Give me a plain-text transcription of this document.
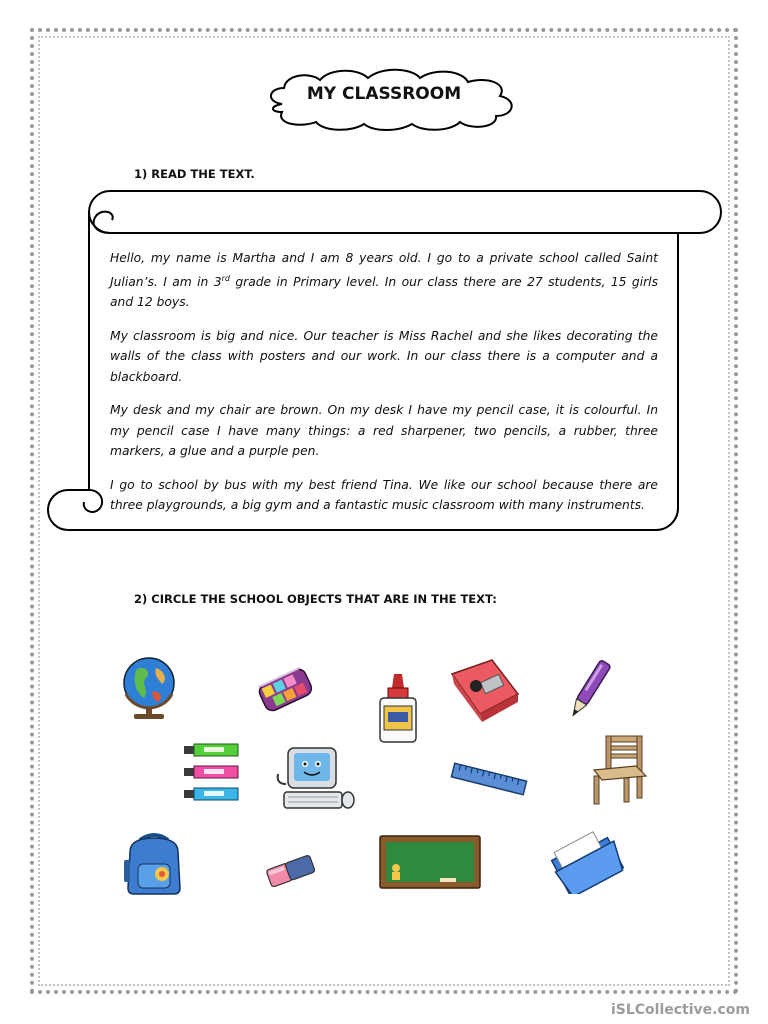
MY CLASSROOM
1) READ THE TEXT.

Hello, my name is Martha and I am 8 years old. I go to a private school called Saint Julian’s. I am in 3rd grade in Primary level. In our class there are 27 students, 15 girls and 12 boys.

My classroom is big and nice. Our teacher is Miss Rachel and she likes decorating the walls of the class with posters and our work. In our class there is a computer and a blackboard.

My desk and my chair are brown. On my desk I have my pencil case, it is colourful. In my pencil case I have many things: a red sharpener, two pencils, a rubber, three markers, a glue and a purple pen.

I go to school by bus with my best friend Tina. We like our school because there are three playgrounds, a big gym and a fantastic music classroom with many instruments.

2) CIRCLE THE SCHOOL OBJECTS THAT ARE IN THE TEXT:
iSLCollective.com
